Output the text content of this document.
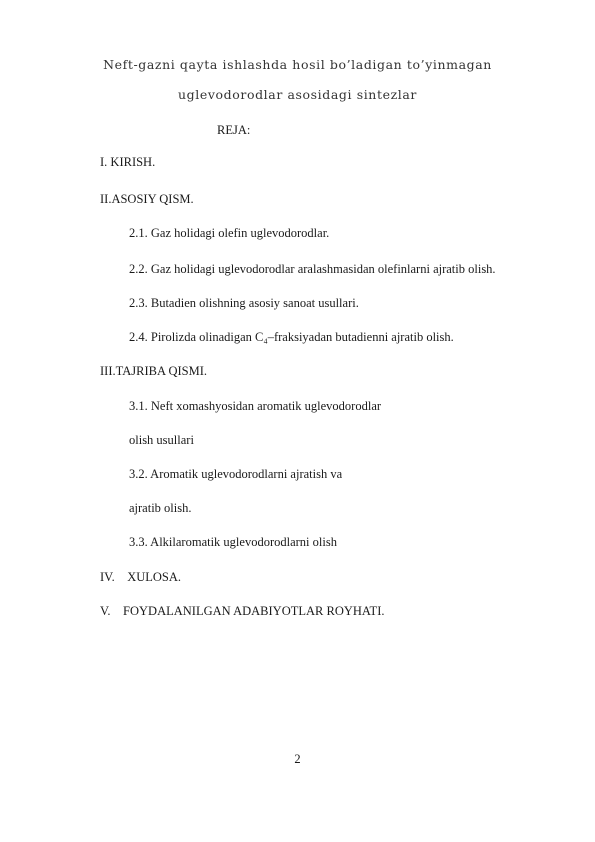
Neft-gazni qayta ishlashda hosil bo’ladigan to’yinmagan
uglevodorodlar asosidagi sintezlar
REJA:
I. KIRISH.
II.ASOSIY QISM.
2.1. Gaz holidagi olefin uglevodorodlar.
2.2. Gaz holidagi uglevodorodlar aralashmasidan olefinlarni ajratib olish.
2.3. Butadien olishning asosiy sanoat usullari.
2.4. Pirolizda olinadigan C₄–fraksiyadan butadienni ajratib olish.
III.TAJRIBA QISMI.
3.1. Neft xomashyosidan aromatik uglevodorodlar
olish usullari
3.2. Aromatik uglevodorodlarni ajratish va
ajratib olish.
3.3. Alkilaromatik uglevodorodlarni olish
IV.    XULOSA.
V.    FOYDALANILGAN ADABIYOTLAR ROYHATI.
2
